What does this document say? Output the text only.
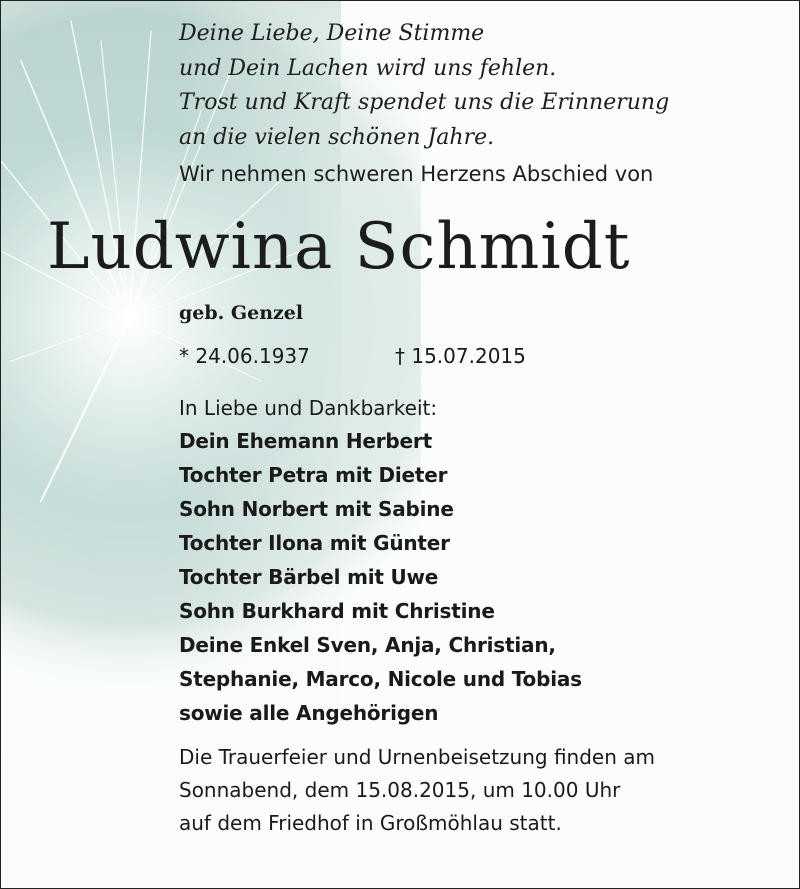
Deine Liebe, Deine Stimme
und Dein Lachen wird uns fehlen.
Trost und Kraft spendet uns die Erinnerung
an die vielen schönen Jahre.
Wir nehmen schweren Herzens Abschied von
Ludwina Schmidt
geb. Genzel
* 24.06.1937	† 15.07.2015
In Liebe und Dankbarkeit:
Dein Ehemann Herbert
Tochter Petra mit Dieter
Sohn Norbert mit Sabine
Tochter Ilona mit Günter
Tochter Bärbel mit Uwe
Sohn Burkhard mit Christine
Deine Enkel Sven, Anja, Christian,
Stephanie, Marco, Nicole und Tobias
sowie alle Angehörigen
Die Trauerfeier und Urnenbeisetzung finden am
Sonnabend, dem 15.08.2015, um 10.00 Uhr
auf dem Friedhof in Großmöhlau statt.
